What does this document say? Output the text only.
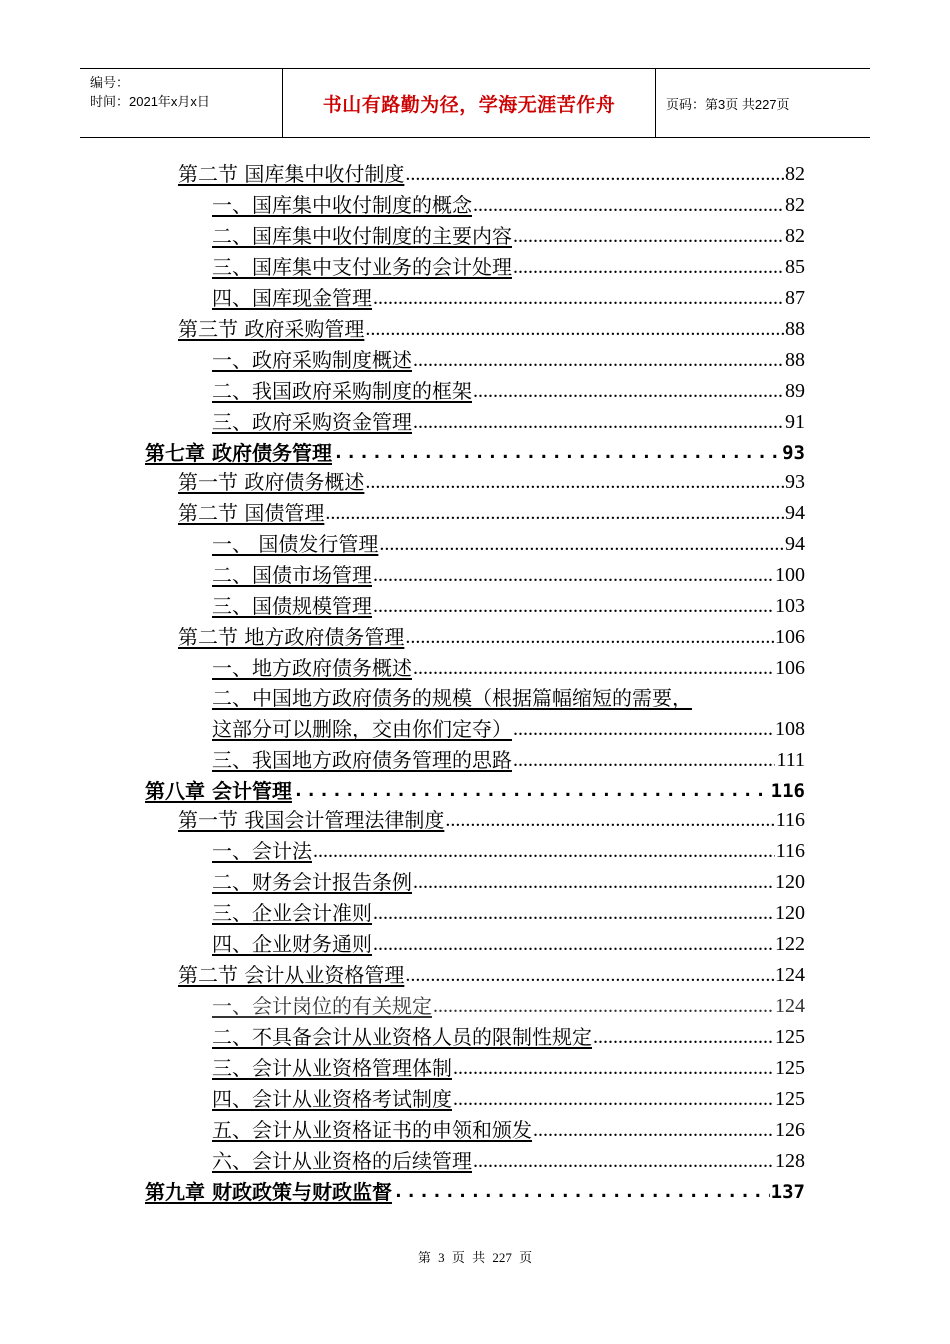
编号：
时间：2021年x月x日	书山有路勤为径，学海无涯苦作舟	页码：第3页 共227页
第二节 国库集中收付制度 .....	82
一、国库集中收付制度的概念 .....	82
二、国库集中收付制度的主要内容 .....	82
三、国库集中支付业务的会计处理 .....	85
四、国库现金管理 .....	87
第三节 政府采购管理 .....	88
一、政府采购制度概述 .....	88
二、我国政府采购制度的框架 .....	89
三、政府采购资金管理 .....	91
第七章 政府债务管理 .....	93
第一节 政府债务概述 .....	93
第二节 国债管理 .....	94
一、 国债发行管理 .....	94
二、国债市场管理 .....	100
三、国债规模管理 .....	103
第二节 地方政府债务管理 .....	106
一、地方政府债务概述 .....	106
二、中国地方政府债务的规模（根据篇幅缩短的需要，
这部分可以删除，交由你们定夺） .....	108
三、我国地方政府债务管理的思路 .....	111
第八章 会计管理 .....	116
第一节 我国会计管理法律制度 .....	116
一、会计法 .....	116
二、财务会计报告条例 .....	120
三、企业会计准则 .....	120
四、企业财务通则 .....	122
第二节 会计从业资格管理 .....	124
一、会计岗位的有关规定 .....	124
二、不具备会计从业资格人员的限制性规定 .....	125
三、会计从业资格管理体制 .....	125
四、会计从业资格考试制度 .....	125
五、会计从业资格证书的申领和颁发 .....	126
六、会计从业资格的后续管理 .....	128
第九章 财政政策与财政监督 .....	137
第 3 页 共 227 页
